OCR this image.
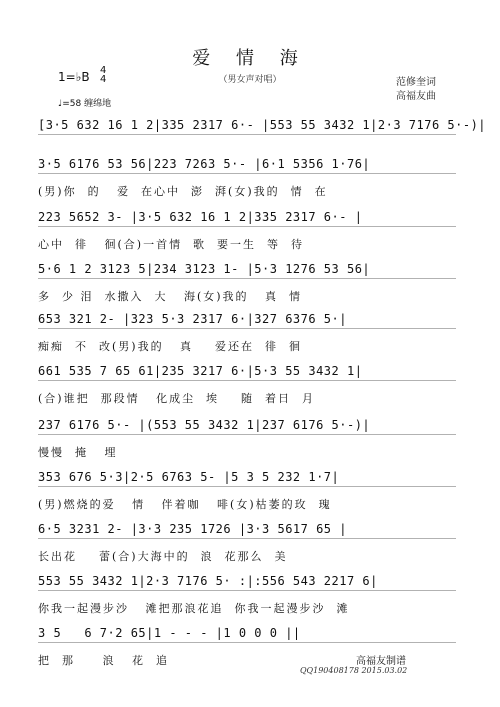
爱 情 海
（男女声对唱）	范修奎词
高福友曲
1=♭B 4
4
♩=58 缠绵地
[3·5 632 16 1 2|335 2317 6·- |553 55 3432 1|2·3 7176 5·-)|
3·5 6176 53 56|223 7263 5·- |6·1 5356 1·76|
(男)你  的   爱  在心中  澎  湃(女)我的  情  在
223 5652 3- |3·5 632 16 1 2|335 2317 6·- |
心中  徘   徊(合)一首情  歌  要一生  等  待
5·6 1 2 3123 5|234 3123 1- |5·3 1276 53 56|
多  少 泪  水撒入  大   海(女)我的   真  情
653 321 2- |323 5·3 2317 6·|327 6376 5·|
痴痴  不  改(男)我的   真    爱还在  徘  徊
661 535 7 65 61|235 3217 6·|5·3 55 3432 1|
(合)谁把  那段情   化成尘  埃    随  着日  月
237 6176 5·- |(553 55 3432 1|237 6176 5·-)|
慢慢  掩   埋
353 676 5·3|2·5 6763 5- |5 3 5 232 1·7|
(男)燃烧的爱   情   伴着咖   啡(女)枯萎的玫  瑰
6·5 3231 2- |3·3 235 1726 |3·3 5617 65 |
长出花    蕾(合)大海中的  浪  花那么  美
553 55 3432 1|2·3 7176 5· :|:556 543 2217 6|
你我一起漫步沙   滩把那浪花追  你我一起漫步沙  滩
3 5   6 7·2 65|1 - - - |1 0 0 0 ||
把  那     浪   花  追	高福友制谱
QQ190408178 2015.03.02
